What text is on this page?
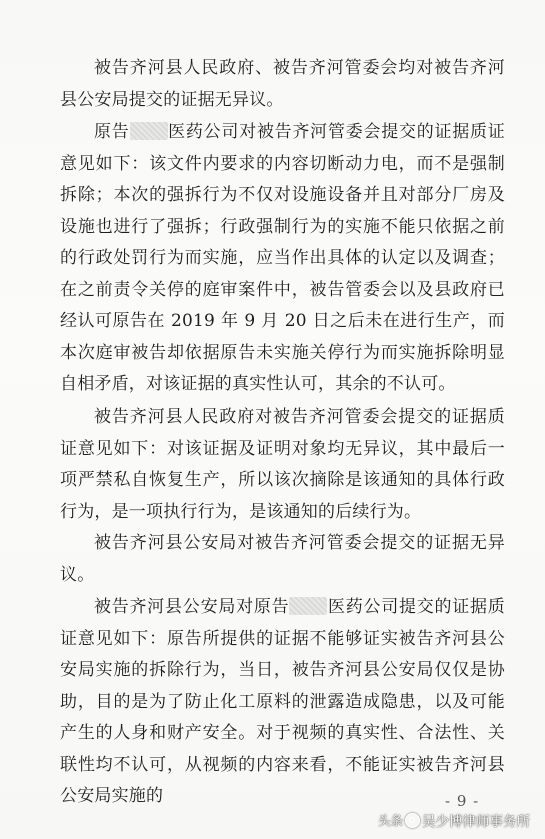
被告齐河县人民政府、被告齐河管委会均对被告齐河县公安局提交的证据无异议。

原告 医药公司对被告齐河管委会提交的证据质证意见如下：该文件内要求的内容切断动力电，而不是强制拆除；本次的强拆行为不仅对设施设备并且对部分厂房及设施也进行了强拆；行政强制行为的实施不能只依据之前的行政处罚行为而实施，应当作出具体的认定以及调查；在之前责令关停的庭审案件中，被告管委会以及县政府已经认可原告在 2019 年 9 月 20 日之后未在进行生产，而本次庭审被告却依据原告未实施关停行为而实施拆除明显自相矛盾，对该证据的真实性认可，其余的不认可。

被告齐河县人民政府对被告齐河管委会提交的证据质证意见如下：对该证据及证明对象均无异议，其中最后一项严禁私自恢复生产，所以该次摘除是该通知的具体行政行为，是一项执行行为，是该通知的后续行为。

被告齐河县公安局对被告齐河管委会提交的证据无异议。

被告齐河县公安局对原告 医药公司提交的证据质证意见如下：原告所提供的证据不能够证实被告齐河县公安局实施的拆除行为，当日，被告齐河县公安局仅仅是协助，目的是为了防止化工原料的泄露造成隐患，以及可能产生的人身和财产安全。对于视频的真实性、合法性、关联性均不认可，从视频的内容来看，不能证实被告齐河县公安局实施的	- 9 -
头条 吴少博律师事务所
